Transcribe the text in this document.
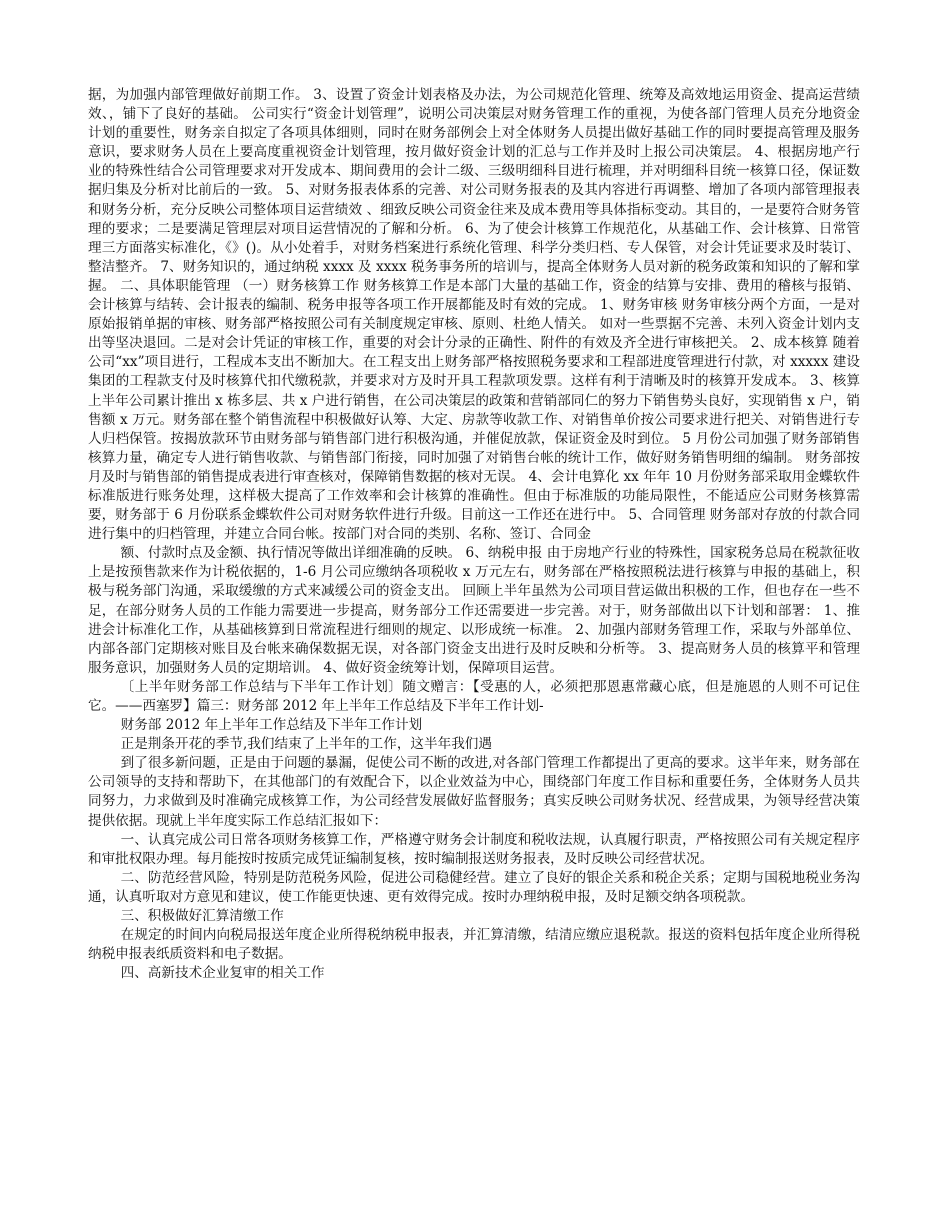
据，为加强内部管理做好前期工作。 3、设置了资金计划表格及办法，为公司规范化管理、统筹及高效地运用资金、提高运营绩效、，铺下了良好的基础。 公司实行“资金计划管理”，说明公司决策层对财务管理工作的重视，为使各部门管理人员充分地资金计划的重要性，财务亲自拟定了各项具体细则，同时在财务部例会上对全体财务人员提出做好基础工作的同时要提高管理及服务意识，要求财务人员在上要高度重视资金计划管理，按月做好资金计划的汇总与工作并及时上报公司决策层。 4、根据房地产行业的特殊性结合公司管理要求对开发成本、期间费用的会计二级、三级明细科目进行梳理，并对明细科目统一核算口径，保证数据归集及分析对比前后的一致。 5、对财务报表体系的完善、对公司财务报表的及其内容进行再调整、增加了各项内部管理报表和财务分析，充分反映公司整体项目运营绩效 、细致反映公司资金往来及成本费用等具体指标变动。其目的，一是要符合财务管理的要求；二是要满足管理层对项目运营情况的了解和分析。 6、为了使会计核算工作规范化，从基础工作、会计核算、日常管理三方面落实标准化，《》()。从小处着手，对财务档案进行系统化管理、科学分类归档、专人保管，对会计凭证要求及时装订、整洁整齐。 7、财务知识的，通过纳税 xxxx 及 xxxx 税务事务所的培训与，提高全体财务人员对新的税务政策和知识的了解和掌握。 二、具体职能管理 （一）财务核算工作 财务核算工作是本部门大量的基础工作，资金的结算与安排、费用的稽核与报销、会计核算与结转、会计报表的编制、税务申报等各项工作开展都能及时有效的完成。 1、财务审核 财务审核分两个方面，一是对原始报销单据的审核、财务部严格按照公司有关制度规定审核、原则、杜绝人情关。 如对一些票据不完善、未列入资金计划内支出等坚决退回。二是对会计凭证的审核工作，重要的对会计分录的正确性、附件的有效及齐全进行审核把关。 2、成本核算 随着公司“xx”项目进行，工程成本支出不断加大。在工程支出上财务部严格按照税务要求和工程部进度管理进行付款，对 xxxxx 建设集团的工程款支付及时核算代扣代缴税款，并要求对方及时开具工程款项发票。这样有利于清晰及时的核算开发成本。 3、核算 上半年公司累计推出 x 栋多层、共 x 户进行销售，在公司决策层的政策和营销部同仁的努力下销售势头良好，实现销售 x 户，销售额 x 万元。财务部在整个销售流程中积极做好认筹、大定、房款等收款工作、对销售单价按公司要求进行把关、对销售进行专人归档保管。按揭放款环节由财务部与销售部门进行积极沟通，并催促放款，保证资金及时到位。 5 月份公司加强了财务部销售核算力量，确定专人进行销售收款、与销售部门衔接，同时加强了对销售台帐的统计工作，做好财务销售明细的编制。 财务部按月及时与销售部的销售提成表进行审查核对，保障销售数据的核对无误。 4、会计电算化 xx 年年 10 月份财务部采取用金蝶软件标准版进行账务处理，这样极大提高了工作效率和会计核算的准确性。但由于标准版的功能局限性，不能适应公司财务核算需要，财务部于 6 月份联系金蝶软件公司对财务软件进行升级。目前这一工作还在进行中。 5、合同管理 财务部对存放的付款合同进行集中的归档管理，并建立合同台帐。按部门对合同的类别、名称、签订、合同金

额、付款时点及金额、执行情况等做出详细准确的反映。 6、纳税申报 由于房地产行业的特殊性，国家税务总局在税款征收上是按预售款来作为计税依据的，1-6 月公司应缴纳各项税收 x 万元左右，财务部在严格按照税法进行核算与申报的基础上，积极与税务部门沟通，采取缓缴的方式来减缓公司的资金支出。 回顾上半年虽然为公司项目营运做出积极的工作，但也存在一些不足，在部分财务人员的工作能力需要进一步提高，财务部分工作还需要进一步完善。对于，财务部做出以下计划和部署： 1、推进会计标准化工作，从基础核算到日常流程进行细则的规定、以形成统一标准。 2、加强内部财务管理工作，采取与外部单位、内部各部门定期核对账目及台帐来确保数据无误，对各部门资金支出进行及时反映和分析等。 3、提高财务人员的核算平和管理服务意识，加强财务人员的定期培训。 4、做好资金统筹计划，保障项目运营。

〔上半年财务部工作总结与下半年工作计划〕随文赠言：【受惠的人，必须把那恩惠常藏心底，但是施恩的人则不可记住它。——西塞罗】篇三：财务部 2012 年上半年工作总结及下半年工作计划-

财务部 2012 年上半年工作总结及下半年工作计划

正是荆条开花的季节,我们结束了上半年的工作，这半年我们遇

到了很多新问题，正是由于问题的暴漏，促使公司不断的改进,对各部门管理工作都提出了更高的要求。这半年来，财务部在公司领导的支持和帮助下，在其他部门的有效配合下，以企业效益为中心，围绕部门年度工作目标和重要任务，全体财务人员共同努力，力求做到及时准确完成核算工作，为公司经营发展做好监督服务；真实反映公司财务状况、经营成果，为领导经营决策提供依据。现就上半年度实际工作总结汇报如下：

一、认真完成公司日常各项财务核算工作，严格遵守财务会计制度和税收法规，认真履行职责，严格按照公司有关规定程序和审批权限办理。每月能按时按质完成凭证编制复核，按时编制报送财务报表，及时反映公司经营状况。

二、防范经营风险，特别是防范税务风险，促进公司稳健经营。建立了良好的银企关系和税企关系；定期与国税地税业务沟通，认真听取对方意见和建议，使工作能更快速、更有效得完成。按时办理纳税申报，及时足额交纳各项税款。

三、积极做好汇算清缴工作

在规定的时间内向税局报送年度企业所得税纳税申报表，并汇算清缴，结清应缴应退税款。报送的资料包括年度企业所得税纳税申报表纸质资料和电子数据。

四、高新技术企业复审的相关工作
